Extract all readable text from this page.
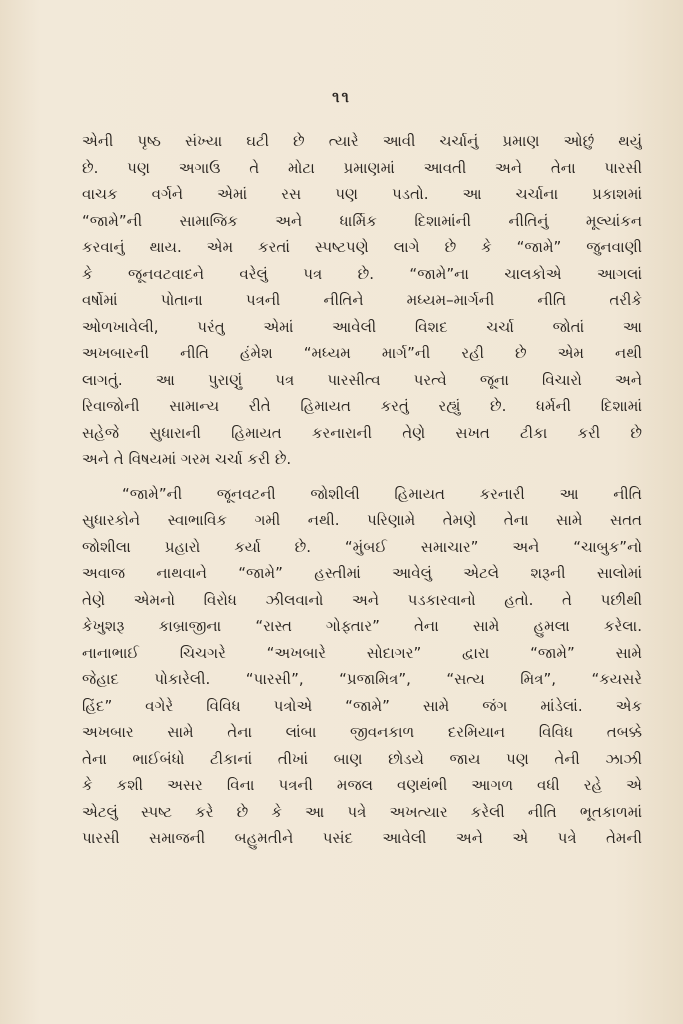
૧૧
એની પૃષ્ઠ સંખ્યા ઘટી છે ત્યારે આવી ચર્ચાનું પ્રમાણ ઓછું થયું
છે. પણ અગાઉ તે મોટા પ્રમાણમાં આવતી અને તેના પારસી
વાચક વર્ગને એમાં રસ પણ પડતો. આ ચર્ચાના પ્રકાશમાં
“જામે”ની સામાજિક અને ધાર્મિક દિશામાંની નીતિનું મૂલ્યાંકન
કરવાનું થાય. એમ કરતાં સ્પષ્ટપણે લાગે છે કે “જામે” જુનવાણી
કે જૂનવટવાદને વરેલું પત્ર છે. “જામે”ના ચાલકોએ આગલાં
વર્ષોમાં પોતાના પત્રની નીતિને મધ્યમ–માર્ગની નીતિ તરીકે
ઓળખાવેલી, પરંતુ એમાં આવેલી વિશદ ચર્ચા જોતાં આ
અખબારની નીતિ હંમેશ “મધ્યમ માર્ગ”ની રહી છે એમ નથી
લાગતું. આ પુરાણું પત્ર પારસીત્વ પરત્વે જૂના વિચારો અને
રિવાજોની સામાન્ય રીતે હિમાયત કરતું રહ્યું છે. ધર્મની દિશામાં
સહેજે સુધારાની હિમાયત કરનારાની તેણે સખત ટીકા કરી છે
અને તે વિષયમાં ગરમ ચર્ચા કરી છે.
“જામે”ની જૂનવટની જોશીલી હિમાયત કરનારી આ નીતિ
સુધારકોને સ્વાભાવિક ગમી નથી. પરિણામે તેમણે તેના સામે સતત
જોશીલા પ્રહારો કર્યા છે. “મુંબઈ સમાચાર” અને “ચાબુક”નો
અવાજ નાથવાને “જામે” હસ્તીમાં આવેલું એટલે શરૂની સાલોમાં
તેણે એમનો વિરોધ ઝીલવાનો અને પડકારવાનો હતો. તે પછીથી
કેખુશરૂ કાબ્રાજીના “રાસ્ત ગોફ્તાર” તેના સામે હુમલા કરેલા.
નાનાભાઈ ચિચગરે “અખબારે સોદાગર” દ્વારા “જામે” સામે
જેહાદ પોકારેલી. “પારસી”, “પ્રજામિત્ર”, “સત્ય મિત્ર”, “કયસરે
હિંદ” વગેરે વિવિધ પત્રોએ “જામે” સામે જંગ માંડેલાં. એક
અખબાર સામે તેના લાંબા જીવનકાળ દરમિયાન વિવિધ તબક્કે
તેના ભાઈબંધો ટીકાનાં તીખાં બાણ છોડયે જાય પણ તેની ઝાઝી
કે કશી અસર વિના પત્રની મજલ વણથંભી આગળ વધી રહે એ
એટલું સ્પષ્ટ કરે છે કે આ પત્રે અખત્યાર કરેલી નીતિ ભૂતકાળમાં
પારસી સમાજની બહુમતીને પસંદ આવેલી અને એ પત્રે તેમની
